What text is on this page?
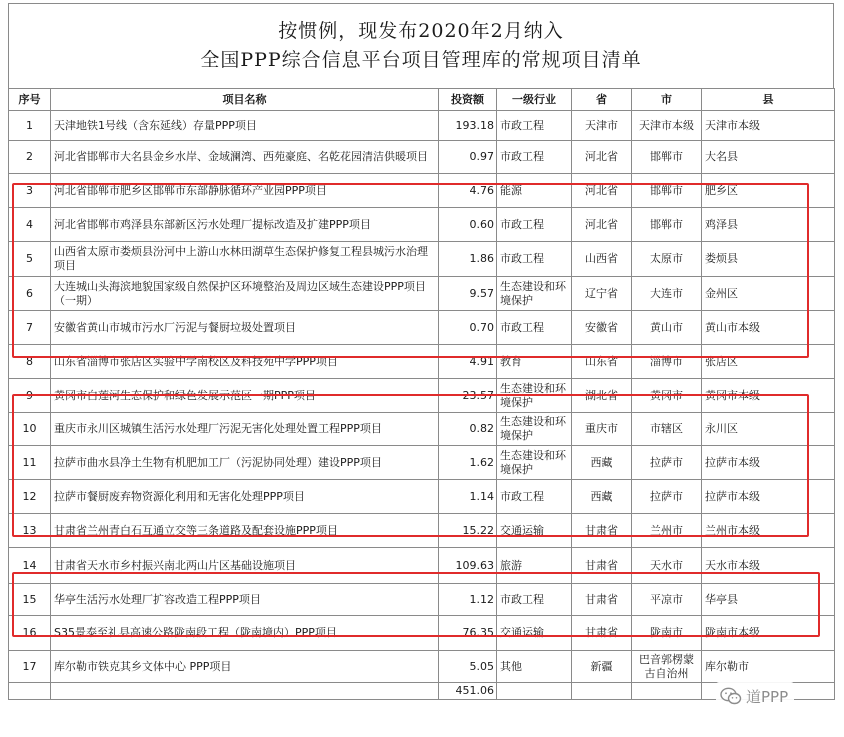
按惯例，现发布2020年2月纳入
全国PPP综合信息平台项目管理库的常规项目清单
序号	项目名称	投资额	一级行业	省	市	县
1	天津地铁1号线（含东延线）存量PPP项目	193.18	市政工程	天津市	天津市本级	天津市本级
2	河北省邯郸市大名县金乡水岸、金域澜湾、西苑豪庭、名乾花园清洁供暖项目	0.97	市政工程	河北省	邯郸市	大名县
3	河北省邯郸市肥乡区邯郸市东部静脉循环产业园PPP项目	4.76	能源	河北省	邯郸市	肥乡区
4	河北省邯郸市鸡泽县东部新区污水处理厂提标改造及扩建PPP项目	0.60	市政工程	河北省	邯郸市	鸡泽县
5	山西省太原市娄烦县汾河中上游山水林田湖草生态保护修复工程县城污水治理项目	1.86	市政工程	山西省	太原市	娄烦县
6	大连城山头海滨地貌国家级自然保护区环境整治及周边区域生态建设PPP项目（一期）	9.57	生态建设和环境保护	辽宁省	大连市	金州区
7	安徽省黄山市城市污水厂污泥与餐厨垃圾处置项目	0.70	市政工程	安徽省	黄山市	黄山市本级
8	山东省淄博市张店区实验中学南校区及科技苑中学PPP项目	4.91	教育	山东省	淄博市	张店区
9	黄冈市白莲河生态保护和绿色发展示范区一期PPP项目	23.57	生态建设和环境保护	湖北省	黄冈市	黄冈市本级
10	重庆市永川区城镇生活污水处理厂污泥无害化处理处置工程PPP项目	0.82	生态建设和环境保护	重庆市	市辖区	永川区
11	拉萨市曲水县净土生物有机肥加工厂（污泥协同处理）建设PPP项目	1.62	生态建设和环境保护	西藏	拉萨市	拉萨市本级
12	拉萨市餐厨废弃物资源化利用和无害化处理PPP项目	1.14	市政工程	西藏	拉萨市	拉萨市本级
13	甘肃省兰州青白石互通立交等三条道路及配套设施PPP项目	15.22	交通运输	甘肃省	兰州市	兰州市本级
14	甘肃省天水市乡村振兴南北两山片区基础设施项目	109.63	旅游	甘肃省	天水市	天水市本级
15	华亭生活污水处理厂扩容改造工程PPP项目	1.12	市政工程	甘肃省	平凉市	华亭县
16	S35景泰至礼县高速公路陇南段工程（陇南境内）PPP项目	76.35	交通运输	甘肃省	陇南市	陇南市本级
17	库尔勒市铁克其乡文体中心 PPP项目	5.05	其他	新疆	巴音郭楞蒙古自治州	库尔勒市
		451.06					道PPP
